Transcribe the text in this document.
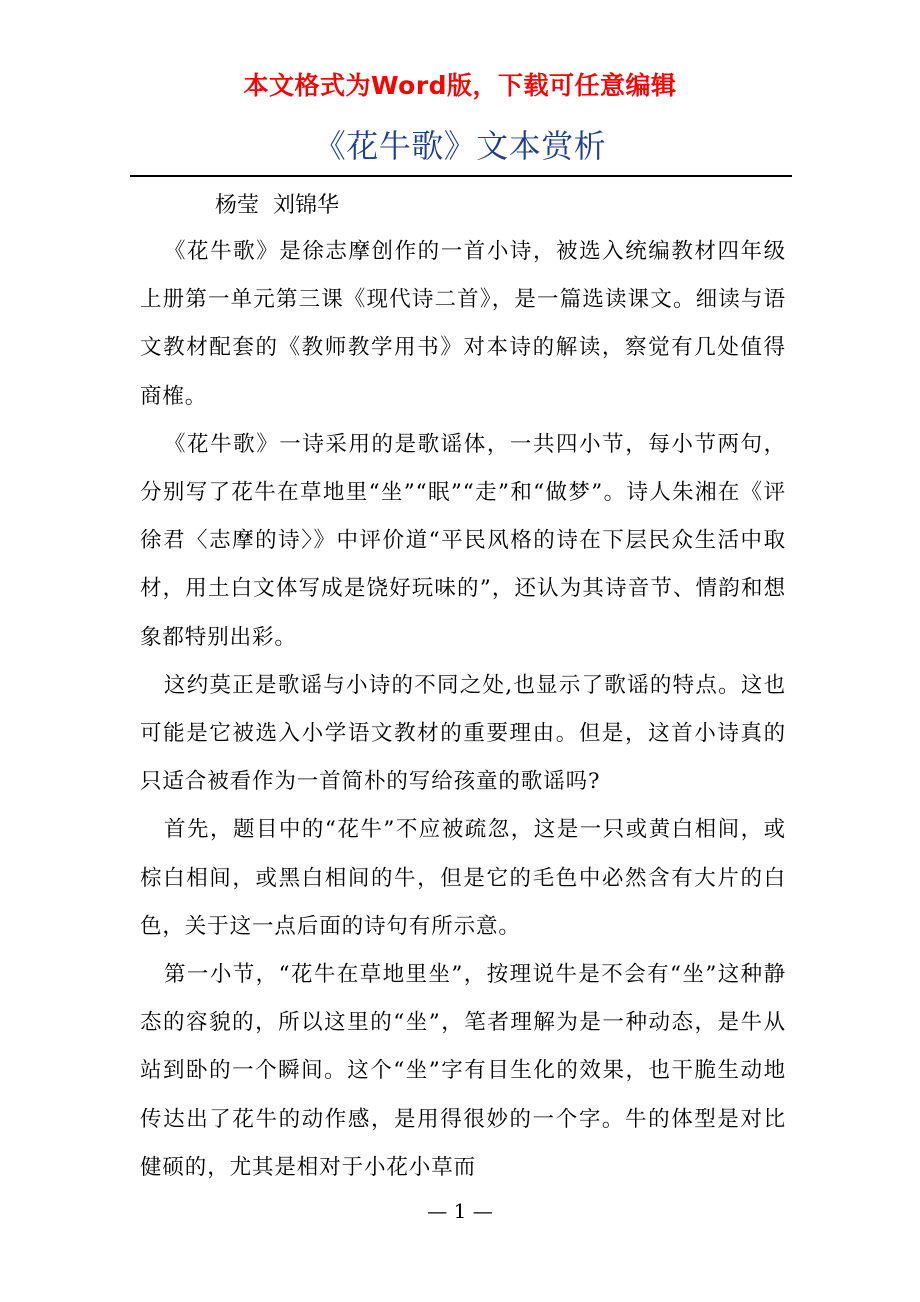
本文格式为Word版，下载可任意编辑
《花牛歌》文本赏析
杨莹  刘锦华

《花牛歌》是徐志摩创作的一首小诗，被选入统编教材四年级上册第一单元第三课《现代诗二首》，是一篇选读课文。细读与语文教材配套的《教师教学用书》对本诗的解读，察觉有几处值得商榷。

《花牛歌》一诗采用的是歌谣体，一共四小节，每小节两句，分别写了花牛在草地里“坐”“眠”“走”和“做梦”。诗人朱湘在《评徐君〈志摩的诗〉》中评价道“平民风格的诗在下层民众生活中取材，用土白文体写成是饶好玩味的”，还认为其诗音节、情韵和想象都特别出彩。

这约莫正是歌谣与小诗的不同之处,也显示了歌谣的特点。这也可能是它被选入小学语文教材的重要理由。但是，这首小诗真的只适合被看作为一首简朴的写给孩童的歌谣吗?

首先，题目中的“花牛”不应被疏忽，这是一只或黄白相间，或棕白相间，或黑白相间的牛，但是它的毛色中必然含有大片的白色，关于这一点后面的诗句有所示意。

第一小节，“花牛在草地里坐”，按理说牛是不会有“坐”这种静态的容貌的，所以这里的“坐”，笔者理解为是一种动态，是牛从站到卧的一个瞬间。这个“坐”字有目生化的效果，也干脆生动地传达出了花牛的动作感，是用得很妙的一个字。牛的体型是对比健硕的，尤其是相对于小花小草而

— 1 —
